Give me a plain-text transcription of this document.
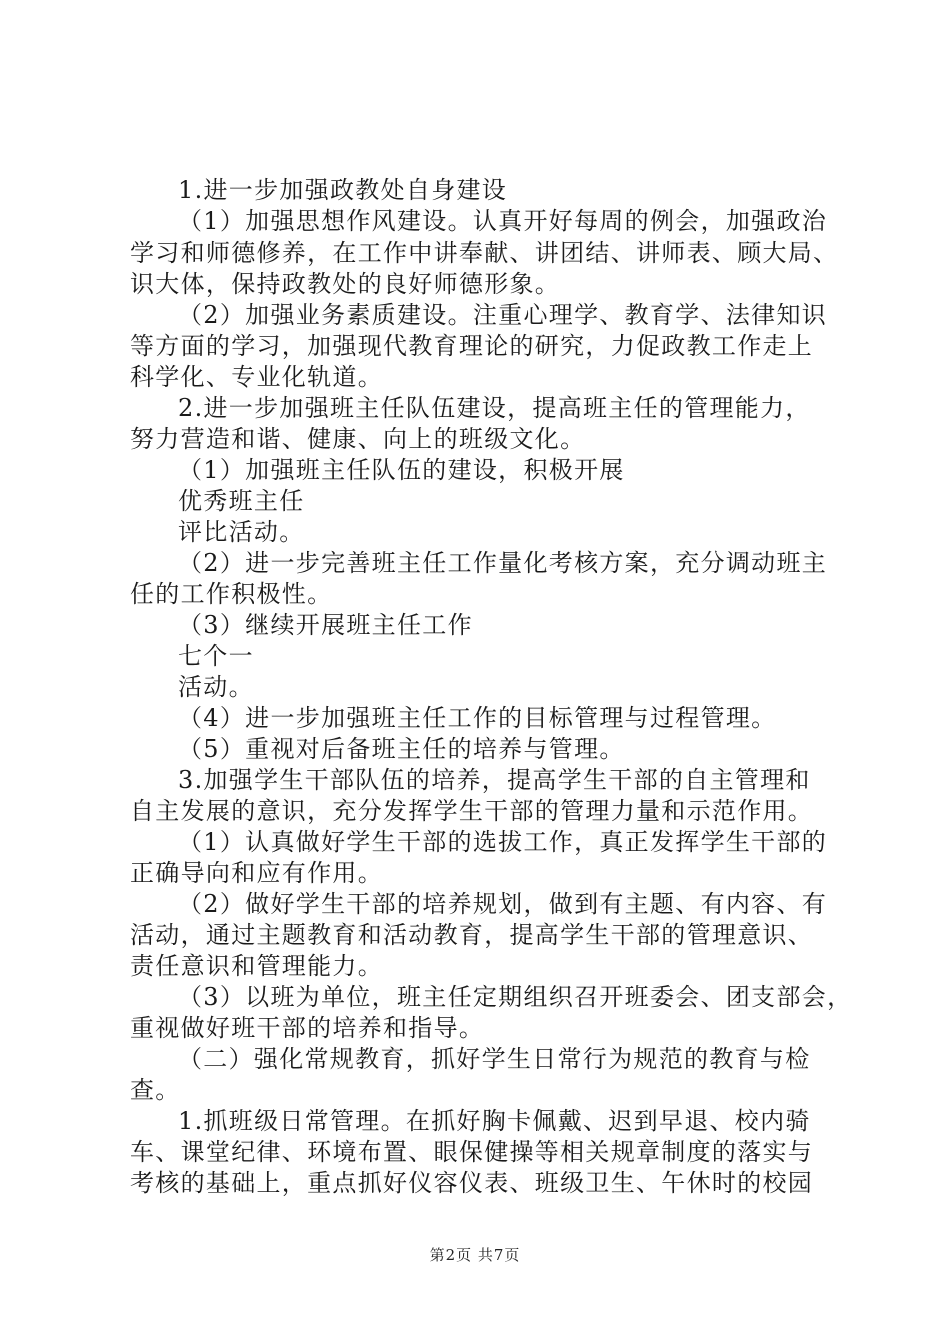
1.进一步加强政教处自身建设
（1）加强思想作风建设。认真开好每周的例会，加强政治
学习和师德修养，在工作中讲奉献、讲团结、讲师表、顾大局、
识大体，保持政教处的良好师德形象。
（2）加强业务素质建设。注重心理学、教育学、法律知识
等方面的学习，加强现代教育理论的研究，力促政教工作走上
科学化、专业化轨道。
2.进一步加强班主任队伍建设，提高班主任的管理能力，
努力营造和谐、健康、向上的班级文化。
（1）加强班主任队伍的建设，积极开展
优秀班主任
评比活动。
（2）进一步完善班主任工作量化考核方案，充分调动班主
任的工作积极性。
（3）继续开展班主任工作
七个一
活动。
（4）进一步加强班主任工作的目标管理与过程管理。
（5）重视对后备班主任的培养与管理。
3.加强学生干部队伍的培养，提高学生干部的自主管理和
自主发展的意识，充分发挥学生干部的管理力量和示范作用。
（1）认真做好学生干部的选拔工作，真正发挥学生干部的
正确导向和应有作用。
（2）做好学生干部的培养规划，做到有主题、有内容、有
活动，通过主题教育和活动教育，提高学生干部的管理意识、
责任意识和管理能力。
（3）以班为单位，班主任定期组织召开班委会、团支部会，
重视做好班干部的培养和指导。
（二）强化常规教育，抓好学生日常行为规范的教育与检
查。
1.抓班级日常管理。在抓好胸卡佩戴、迟到早退、校内骑
车、课堂纪律、环境布置、眼保健操等相关规章制度的落实与
考核的基础上，重点抓好仪容仪表、班级卫生、午休时的校园
第2页 共7页
